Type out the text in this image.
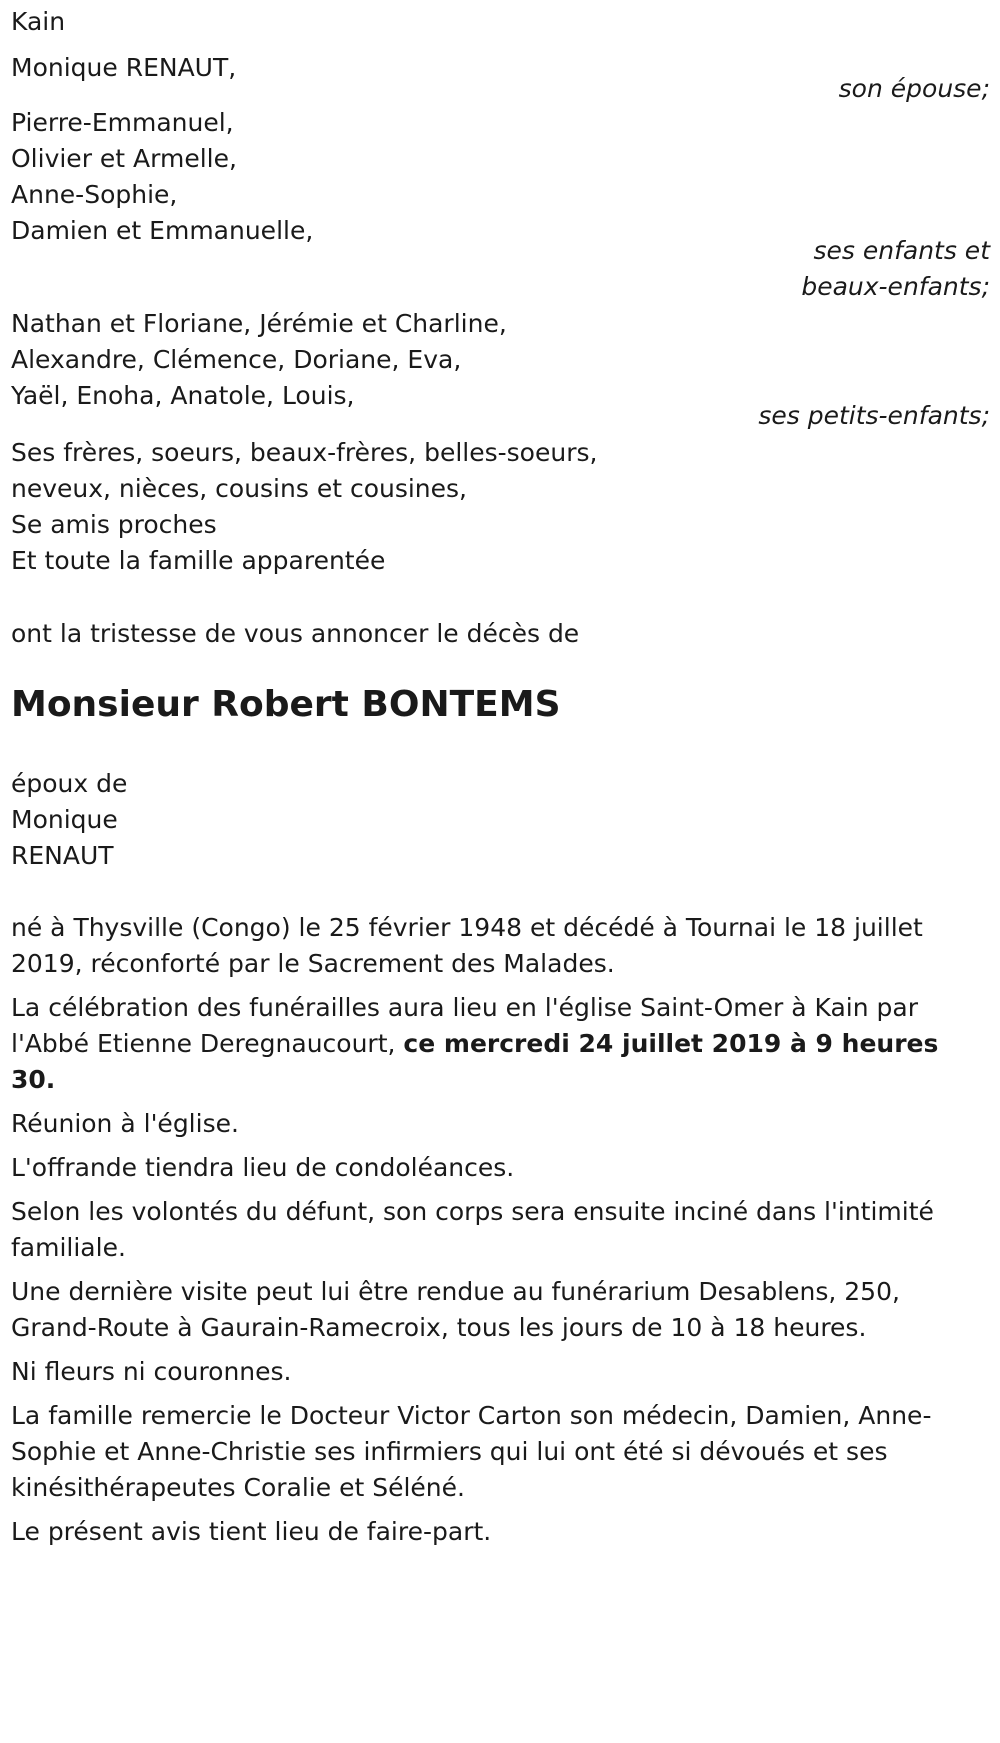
Kain
Monique RENAUT,
son épouse;
Pierre-Emmanuel,
Olivier et Armelle,
Anne-Sophie,
Damien et Emmanuelle,
ses enfants et
beaux-enfants;
Nathan et Floriane, Jérémie et Charline,
Alexandre, Clémence, Doriane, Eva,
Yaël, Enoha, Anatole, Louis,
ses petits-enfants;
Ses frères, soeurs, beaux-frères, belles-soeurs,
neveux, nièces, cousins et cousines,
Se amis proches
Et toute la famille apparentée
ont la tristesse de vous annoncer le décès de
Monsieur Robert BONTEMS
époux de
Monique
RENAUT

né à Thysville (Congo) le 25 février 1948 et décédé à Tournai le 18 juillet 2019, réconforté par le Sacrement des Malades.

La célébration des funérailles aura lieu en l'église Saint-Omer à Kain par l'Abbé Etienne Deregnaucourt, ce mercredi 24 juillet 2019 à 9 heures 30.

Réunion à l'église.

L'offrande tiendra lieu de condoléances.

Selon les volontés du défunt, son corps sera ensuite inciné dans l'intimité familiale.

Une dernière visite peut lui être rendue au funérarium Desablens, 250, Grand-Route à Gaurain-Ramecroix, tous les jours de 10 à 18 heures.

Ni fleurs ni couronnes.

La famille remercie le Docteur Victor Carton son médecin, Damien, Anne-Sophie et Anne-Christie ses infirmiers qui lui ont été si dévoués et ses kinésithérapeutes Coralie et Séléné.

Le présent avis tient lieu de faire-part.
